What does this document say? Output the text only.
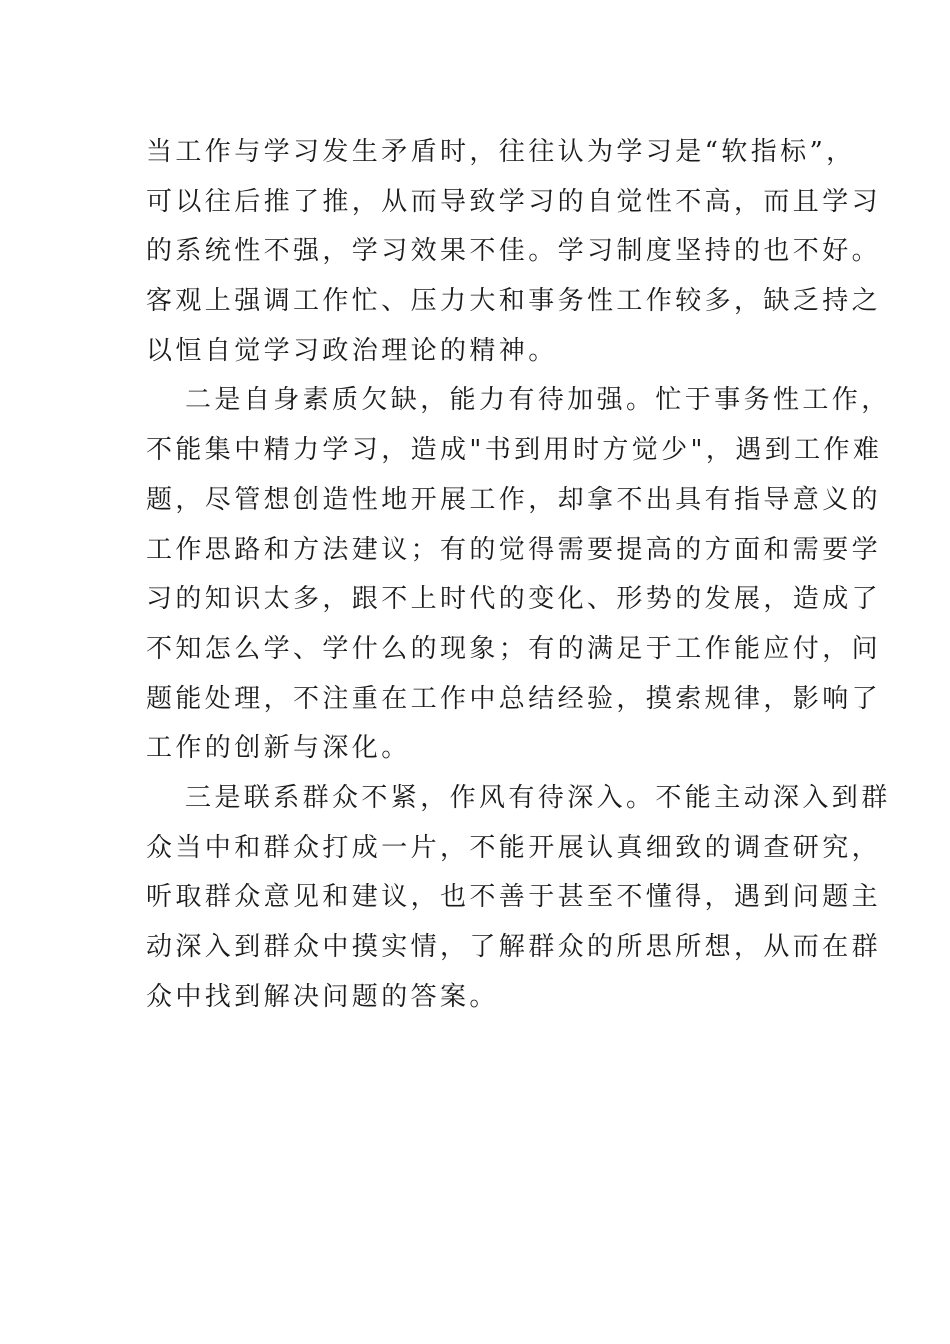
当工作与学习发生矛盾时，往往认为学习是“软指标”，
可以往后推了推，从而导致学习的自觉性不高，而且学习
的系统性不强，学习效果不佳。学习制度坚持的也不好。
客观上强调工作忙、压力大和事务性工作较多，缺乏持之
以恒自觉学习政治理论的精神。
二是自身素质欠缺，能力有待加强。忙于事务性工作，
不能集中精力学习，造成"书到用时方觉少"，遇到工作难
题，尽管想创造性地开展工作，却拿不出具有指导意义的
工作思路和方法建议；有的觉得需要提高的方面和需要学
习的知识太多，跟不上时代的变化、形势的发展，造成了
不知怎么学、学什么的现象；有的满足于工作能应付，问
题能处理，不注重在工作中总结经验，摸索规律，影响了
工作的创新与深化。
三是联系群众不紧，作风有待深入。不能主动深入到群
众当中和群众打成一片，不能开展认真细致的调查研究，
听取群众意见和建议，也不善于甚至不懂得，遇到问题主
动深入到群众中摸实情，了解群众的所思所想，从而在群
众中找到解决问题的答案。
